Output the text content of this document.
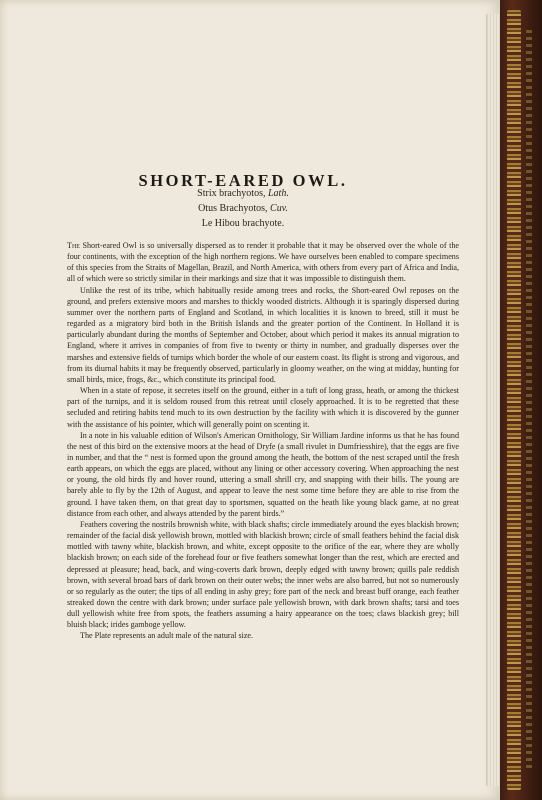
SHORT-EARED OWL.
Strix brachyotos, Lath.
Otus Brachyotos, Cuv.
Le Hibou brachyote.

The Short-eared Owl is so universally dispersed as to render it probable that it may be observed over the whole of the four continents, with the exception of the high northern regions. We have ourselves been enabled to compare specimens of this species from the Straits of Magellan, Brazil, and North America, with others from every part of Africa and India, all of which were so strictly similar in their markings and size that it was impossible to distinguish them.

Unlike the rest of its tribe, which habitually reside among trees and rocks, the Short-eared Owl reposes on the ground, and prefers extensive moors and marshes to thickly wooded districts. Although it is sparingly dispersed during summer over the northern parts of England and Scotland, in which localities it is known to breed, still it must be regarded as a migratory bird both in the British Islands and the greater portion of the Continent. In Holland it is particularly abundant during the months of September and October, about which period it makes its annual migration to England, where it arrives in companies of from five to twenty or thirty in number, and gradually disperses over the marshes and extensive fields of turnips which border the whole of our eastern coast. Its flight is strong and vigorous, and from its diurnal habits it may be frequently observed, particularly in gloomy weather, on the wing at midday, hunting for small birds, mice, frogs, &c., which constitute its principal food.

When in a state of repose, it secretes itself on the ground, either in a tuft of long grass, heath, or among the thickest part of the turnips, and it is seldom roused from this retreat until closely approached. It is to be regretted that these secluded and retiring habits tend much to its own destruction by the facility with which it is discovered by the gunner with the assistance of his pointer, which will generally point on scenting it.

In a note in his valuable edition of Wilson's American Ornithology, Sir William Jardine informs us that he has found the nest of this bird on the extensive moors at the head of Dryfe (a small rivulet in Dumfriesshire), that the eggs are five in number, and that the “ nest is formed upon the ground among the heath, the bottom of the nest scraped until the fresh earth appears, on which the eggs are placed, without any lining or other accessory covering. When approaching the nest or young, the old birds fly and hover round, uttering a small shrill cry, and snapping with their bills. The young are barely able to fly by the 12th of August, and appear to leave the nest some time before they are able to rise from the ground. I have taken them, on that great day to sportsmen, squatted on the heath like young black game, at no great distance from each other, and always attended by the parent birds.”

Feathers covering the nostrils brownish white, with black shafts; circle immediately around the eyes blackish brown; remainder of the facial disk yellowish brown, mottled with blackish brown; circle of small feathers behind the facial disk mottled with tawny white, blackish brown, and white, except opposite to the orifice of the ear, where they are wholly blackish brown; on each side of the forehead four or five feathers somewhat longer than the rest, which are erected and depressed at pleasure; head, back, and wing-coverts dark brown, deeply edged with tawny brown; quills pale reddish brown, with several broad bars of dark brown on their outer webs; the inner webs are also barred, but not so numerously or so regularly as the outer; the tips of all ending in ashy grey; fore part of the neck and breast buff orange, each feather streaked down the centre with dark brown; under surface pale yellowish brown, with dark brown shafts; tarsi and toes dull yellowish white free from spots, the feathers assuming a hairy appearance on the toes; claws blackish grey; bill bluish black; irides gamboge yellow.

The Plate represents an adult male of the natural size.
